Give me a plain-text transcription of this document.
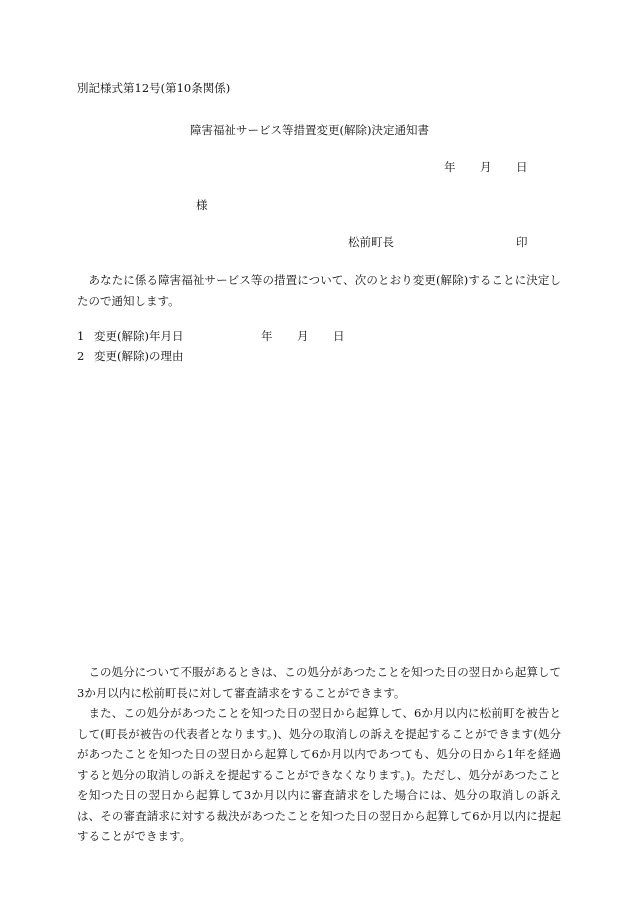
別記様式第12号(第10条関係)
障害福祉サービス等措置変更(解除)決定通知書
年 月 日
様
松前町長	印
あなたに係る障害福祉サービス等の措置について、次のとおり変更(解除)することに決定したので通知します。
1 変更(解除)年月日	年 月 日
2 変更(解除)の理由
この処分について不服があるときは、この処分があつたことを知つた日の翌日から起算して3か月以内に松前町長に対して審査請求をすることができます。
また、この処分があつたことを知つた日の翌日から起算して、6か月以内に松前町を被告として(町長が被告の代表者となります。)、処分の取消しの訴えを提起することができます(処分があつたことを知つた日の翌日から起算して6か月以内であつても、処分の日から1年を経過すると処分の取消しの訴えを提起することができなくなります。)。ただし、処分があつたことを知つた日の翌日から起算して3か月以内に審査請求をした場合には、処分の取消しの訴えは、その審査請求に対する裁決があつたことを知つた日の翌日から起算して6か月以内に提起することができます。
